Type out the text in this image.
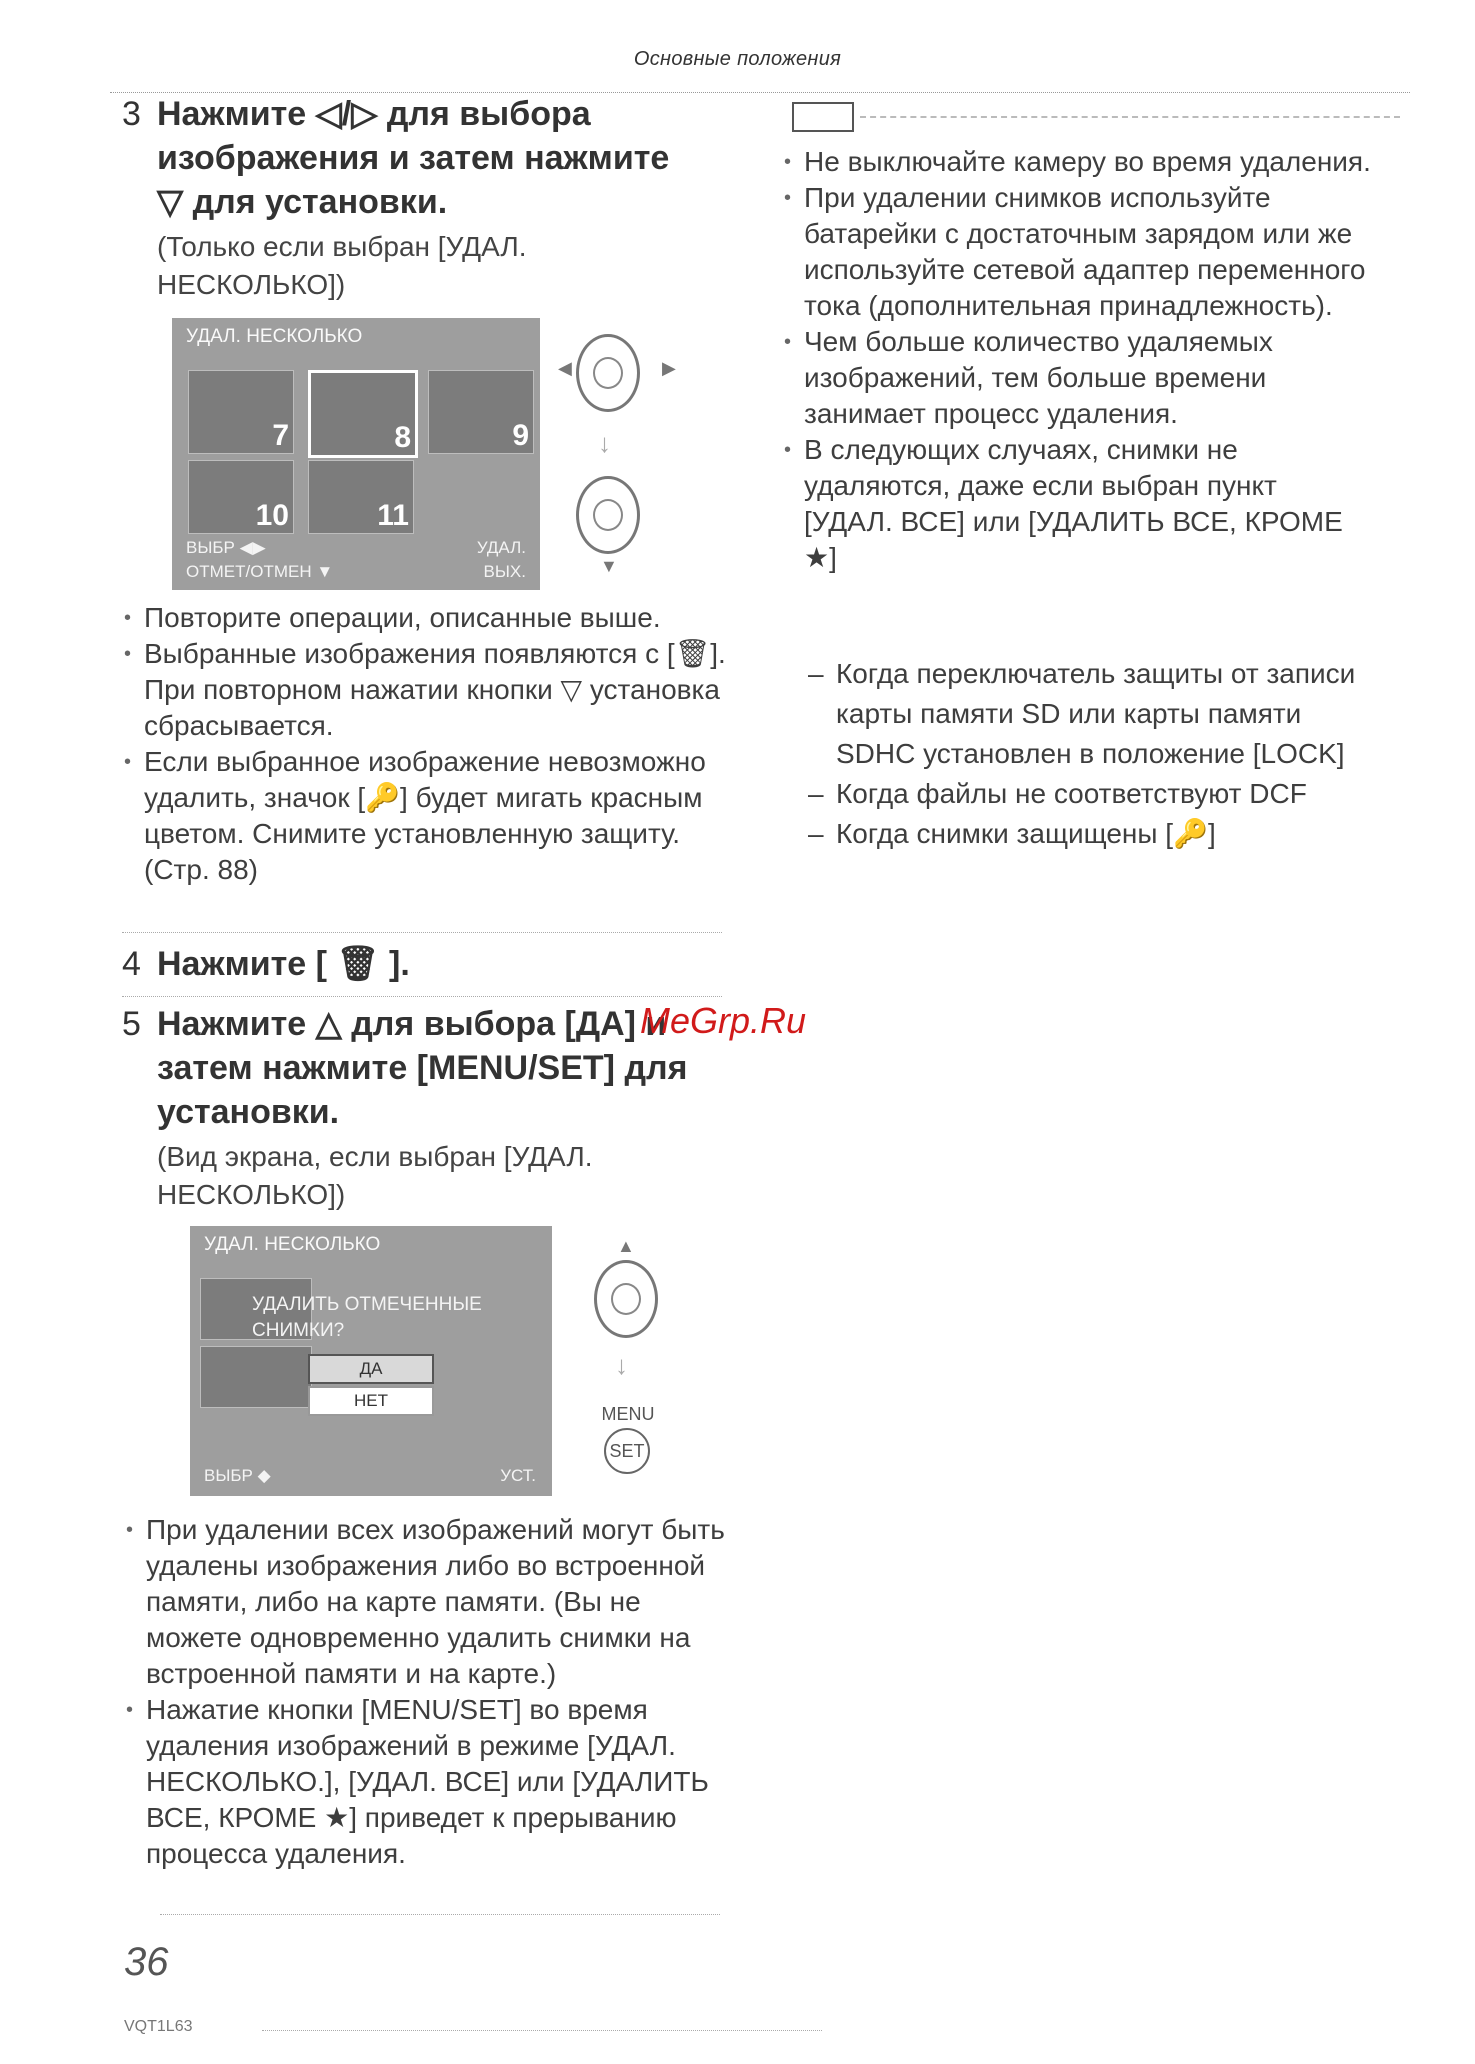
Основные положения
3 Нажмите ◁/▷ для выбора
изображения и затем нажмите
▽ для установки.
(Только если выбран [УДАЛ.
НЕСКОЛЬКО])
УДАЛ. НЕСКОЛЬКО
7	8	9
10	11
ВЫБР ◀▶	УДАЛ.
ОТМЕТ/ОТМЕН ▼	ВЫХ.
◀	▶
↓
▼
• Повторите операции, описанные выше.
• Выбранные изображения появляются с [🗑]. При повторном нажатии кнопки ▽ установка сбрасывается.
• Если выбранное изображение невозможно удалить, значок [🔑] будет мигать красным цветом. Снимите установленную защиту.(Стр. 88)
4 Нажмите [ 🗑 ].
5 Нажмите △ для выбора [ДА] и
затем нажмите [MENU/SET] для
установки.
(Вид экрана, если выбран [УДАЛ.
НЕСКОЛЬКО])
УДАЛ. НЕСКОЛЬКО
УДАЛИТЬ ОТМЕЧЕННЫЕ
СНИМКИ?
ДА
НЕТ
ВЫБР ◆	УСТ.
▲
↓
MENU
SET
• При удалении всех изображений могут быть удалены изображения либо во встроенной памяти, либо на карте памяти. (Вы не можете одновременно удалить снимки на встроенной памяти и на карте.)
• Нажатие кнопки [MENU/SET] во время удаления изображений в режиме [УДАЛ. НЕСКОЛЬКО.], [УДАЛ. ВСЕ] или [УДАЛИТЬ ВСЕ, КРОМЕ ★] приведет к прерыванию процесса удаления.
MeGrp.Ru
• Не выключайте камеру во время удаления.
• При удалении снимков используйте батарейки с достаточным зарядом или же используйте сетевой адаптер переменного тока (дополнительная принадлежность).
• Чем больше количество удаляемых изображений, тем больше времени занимает процесс удаления.
• В следующих случаях, снимки не удаляются, даже если выбран пункт [УДАЛ. ВСЕ] или [УДАЛИТЬ ВСЕ, КРОМЕ ★]
– Когда переключатель защиты от записи карты памяти SD или карты памяти SDHC установлен в положение [LOCK]
– Когда файлы не соответствуют DCF
– Когда снимки защищены [🔑]
36
VQT1L63
